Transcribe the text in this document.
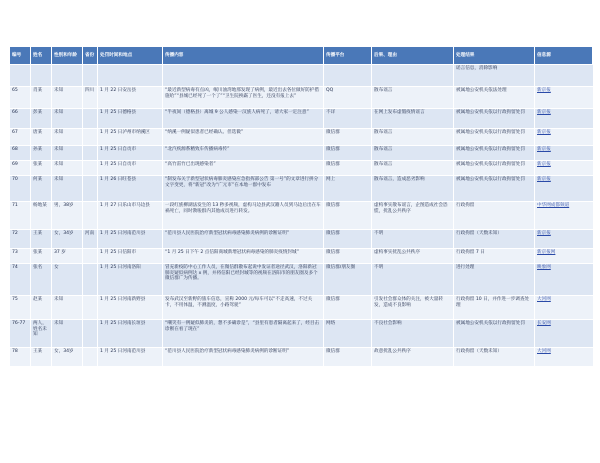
编号	姓名	性别和年龄	省份	处罚时间和地点	传播内容	传播平台	后果、理由	处理结果	信息源
								谣言信息，消除影响	
65	肖某	未知	四川	1 月 22 日安岳县	“最近新型病毒有点凶，岷川油湾地那发现了病例，最近出去各位做好防护措施哈”“县城已经死了一个了”“卫生院换霸了医生，还没有报上去”	QQ	散布谣言	被属地公安机关依法处理	新京报
66	彭某	未知		1 月 25 日德格县	“半夜间（德格县）离城 9 公人感染一汉族人病死了，请大家一定注意”	不详	在网上发布虚假疫情谣言	被属地公安机关依以行政拘留处罚	新京报
67	唐某	未知		1 月 25 日泸州市纳溪区	“纳溪一例疑似患者已经确认。但选微”	微信群	散布谣言	被属地公安机关依以行政拘留处罚	新京报
68	孙某	未知		1 月 25 日自贡市	“北汽疾源系精致车传播病毒传”	微信群	散布谣言	被属地公安机关依以行政拘留处罚	新京报
69	张某	未知		1 月 25 日自贡市	“高竹雷竹已出现感染者”	微信群	散布谣言	被属地公安机关依以行政拘留处罚	新京报
70	何某	未知		1 月 26 日旺苍县	“制发布关于新型冠状病毒肺炎感染应急指挥部公告 第一号”的文章进行拼分文字变更，将“新冠”改为“广元市”在本地一群中发布	网上	散布谣言，造成恶劣影响	被属地公安机关依以行政拘留处罚	新京报
71	杨地某	男，38岁		1 月 27 日乐山市马边县	一段红族柳湖法发生的 13 秒多视频，虚构马边县武汉籍人员到马边后出在车祸死亡，同时教唆群内其他成员进行转发。	微信群	虚构事实散布谣言，企图造成社会恐慌，扰乱公共秩序	行政拘留	中华网成都频道
72	王某	女，34岁	河南	1 月 25 日河南范川县	“范川县人民医院治疗新型冠状病毒感染肺炎病例的诊断证明”	微信群	不明	行政拘留（天数未知）	新京报
73	张某	37 岁		1 月 25 日信阳市	“1 月 25 日下午 2 点信阳商城新增冠状病毒感染的肺炎疫情封城”	微信群	虚构事实扰乱公共秩序	行政拘留 7 日	新京报网
74	张名	女		1 月 25 日河南洛阳	冒充新疫防中心工作人员，在微信群散布起说中发证者途径武汉，洛阳新冠肺炎疑似病例达 x 例，并将信阳已经封城等的视频在洛阳市的朋友圈及多个微信群广为传播。	微信群/朋友圈	不明	进行处理	映象网
75	赵某	未知		1 月 25 日河南新野县	发布武汉至新野的旅车信息，宣称 2000 元/每车可以“不走高速，不过关卡，不用体温，不测温度，小路驾驶”	微信群	引发社会群众体的关注，被大量转发，造成不良影响	行政拘留 10 日，并作进一步调查处理	大河网
76-77	两人，姓名未知	未知		1 月 25 日河南长垣县	“嘲笑有一例疑似肺炎的，想不多确诊是”，“县里有患者隔离起来了，经目击诊断在看了现在”	网络	不良社会影响	被属地公安机关依以行政拘留处罚	长安网
78	王某	女，34岁		1 月 25 日河南范川县	“范川县人民医院治疗新型冠状病毒感染肺炎病例的诊断证明”	微信群	故意扰乱公共秩序	行政拘留（天数未知）	大河网
